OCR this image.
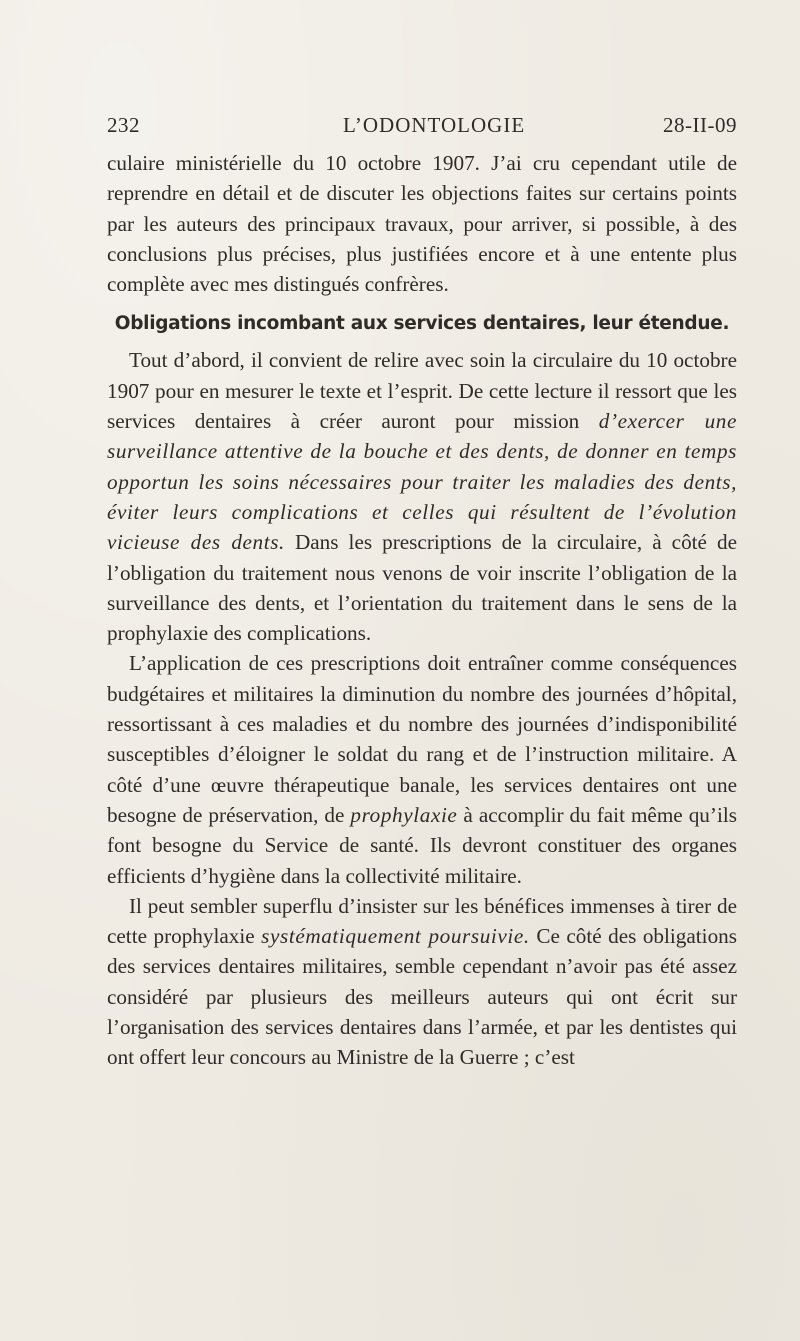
232	L’ODONTOLOGIE	28-II-09

culaire ministérielle du 10 octobre 1907. J’ai cru cependant utile de reprendre en détail et de discuter les objections faites sur certains points par les auteurs des principaux travaux, pour arriver, si possible, à des conclusions plus précises, plus justifiées encore et à une entente plus complète avec mes distingués confrères.

Obligations incombant aux services dentaires, leur étendue.

Tout d’abord, il convient de relire avec soin la circulaire du 10 octobre 1907 pour en mesurer le texte et l’esprit. De cette lecture il ressort que les services dentaires à créer auront pour mission d’exercer une surveillance attentive de la bouche et des dents, de donner en temps opportun les soins nécessaires pour traiter les maladies des dents, éviter leurs complications et celles qui résultent de l’évolution vicieuse des dents. Dans les prescriptions de la circulaire, à côté de l’obligation du traitement nous venons de voir inscrite l’obligation de la surveillance des dents, et l’orientation du traitement dans le sens de la prophylaxie des complications.

L’application de ces prescriptions doit entraîner comme conséquences budgétaires et militaires la diminution du nombre des journées d’hôpital, ressortissant à ces maladies et du nombre des journées d’indisponibilité susceptibles d’éloigner le soldat du rang et de l’instruction militaire. A côté d’une œuvre thérapeutique banale, les services dentaires ont une besogne de préservation, de prophylaxie à accomplir du fait même qu’ils font besogne du Service de santé. Ils devront constituer des organes efficients d’hygiène dans la collectivité militaire.

Il peut sembler superflu d’insister sur les bénéfices immenses à tirer de cette prophylaxie systématiquement poursuivie. Ce côté des obligations des services dentaires militaires, semble cependant n’avoir pas été assez considéré par plusieurs des meilleurs auteurs qui ont écrit sur l’organisation des services dentaires dans l’armée, et par les dentistes qui ont offert leur concours au Ministre de la Guerre ; c’est
